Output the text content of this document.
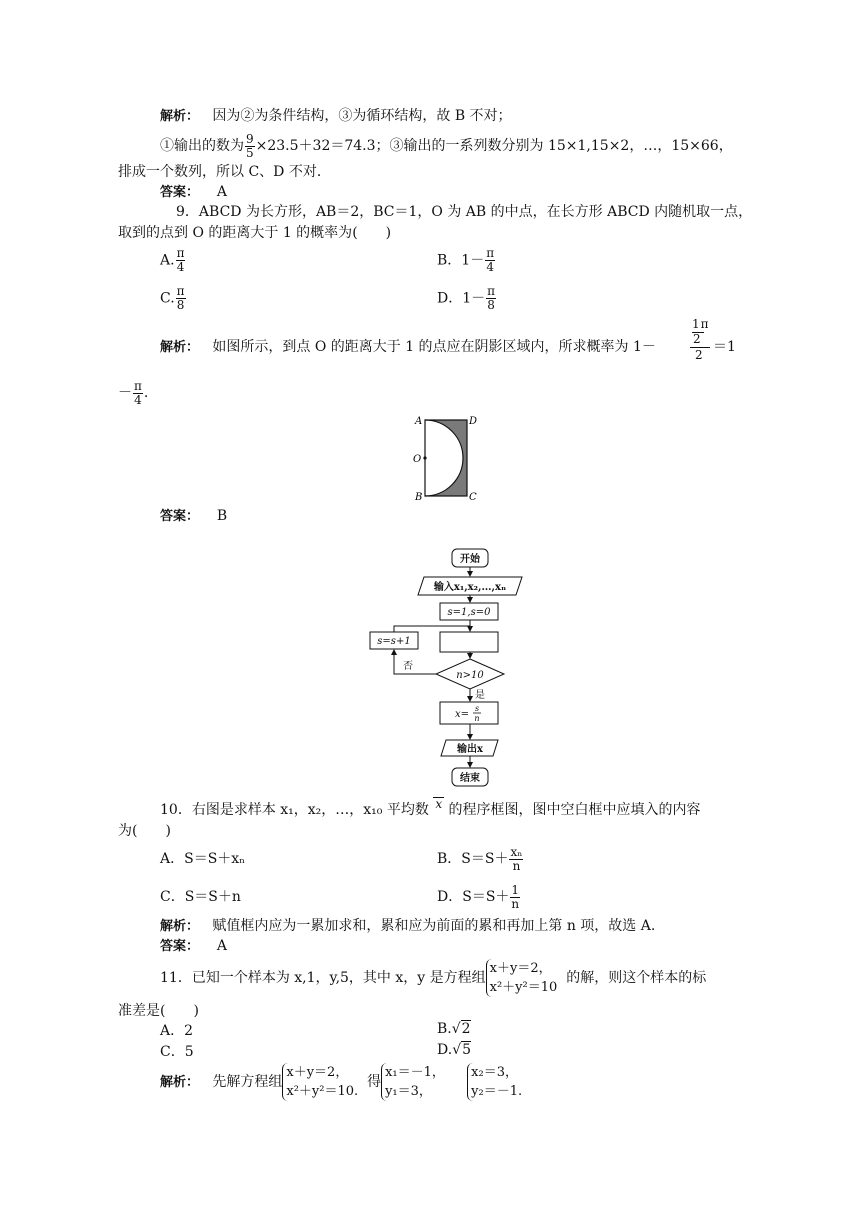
解析： 因为②为条件结构，③为循环结构，故 B 不对；
①输出的数为 $\frac{9}{5} \times 23.5+32=74.3$；③输出的一系列数分别为 15×1,15×2，…，15×66，
排成一个数列，所以 C、D 不对．
答案： A
9．ABCD 为长方形，AB＝2，BC＝1，O 为 AB 的中点，在长方形 ABCD 内随机取一点，
取到的点到 O 的距离大于 1 的概率为(　　)
A. $\frac{\pi}{4}$	B．$1- \frac{\pi}{4}$
C. $\frac{\pi}{8}$	D．$1- \frac{\pi}{8}$
解析： 如图所示，到点 O 的距离大于 1 的点应在阴影区域内，所求概率为 1－
1π
2
2 ＝1
－ $\frac{\pi}{4}$ .
A	D
O
B	C
答案： B
开始
输入x₁,x₂,…,xₙ
s=1,s=0
s=s+1
n>10
否
是
x=
s
n
输出x
结束
10．右图是求样本 x₁，x₂，…，x₁₀ 平均数 x 的程序框图，图中空白框中应填入的内容
为(　　)
A．S＝S＋xₙ	B．$S=S+ \frac{\text{xₙ}}{n}$
C．S＝S＋n	D．$S=S+ \frac{1}{n}$
解析： 赋值框内应为一累加求和，累和应为前面的累和再加上第 n 项，故选 A.
答案： A
11．已知一个样本为 x,1，y,5，其中 x，y 是方程组
x＋y＝2，
x²＋y²＝10
的解，则这个样本的标
准差是(　　)
A．2	B.√2
C．5	D.√5
解析： 先解方程组
x＋y＝2，
x²＋y²＝10.
得
x₁＝－1，
y₁＝3，

x₂＝3，
y₂＝－1.
